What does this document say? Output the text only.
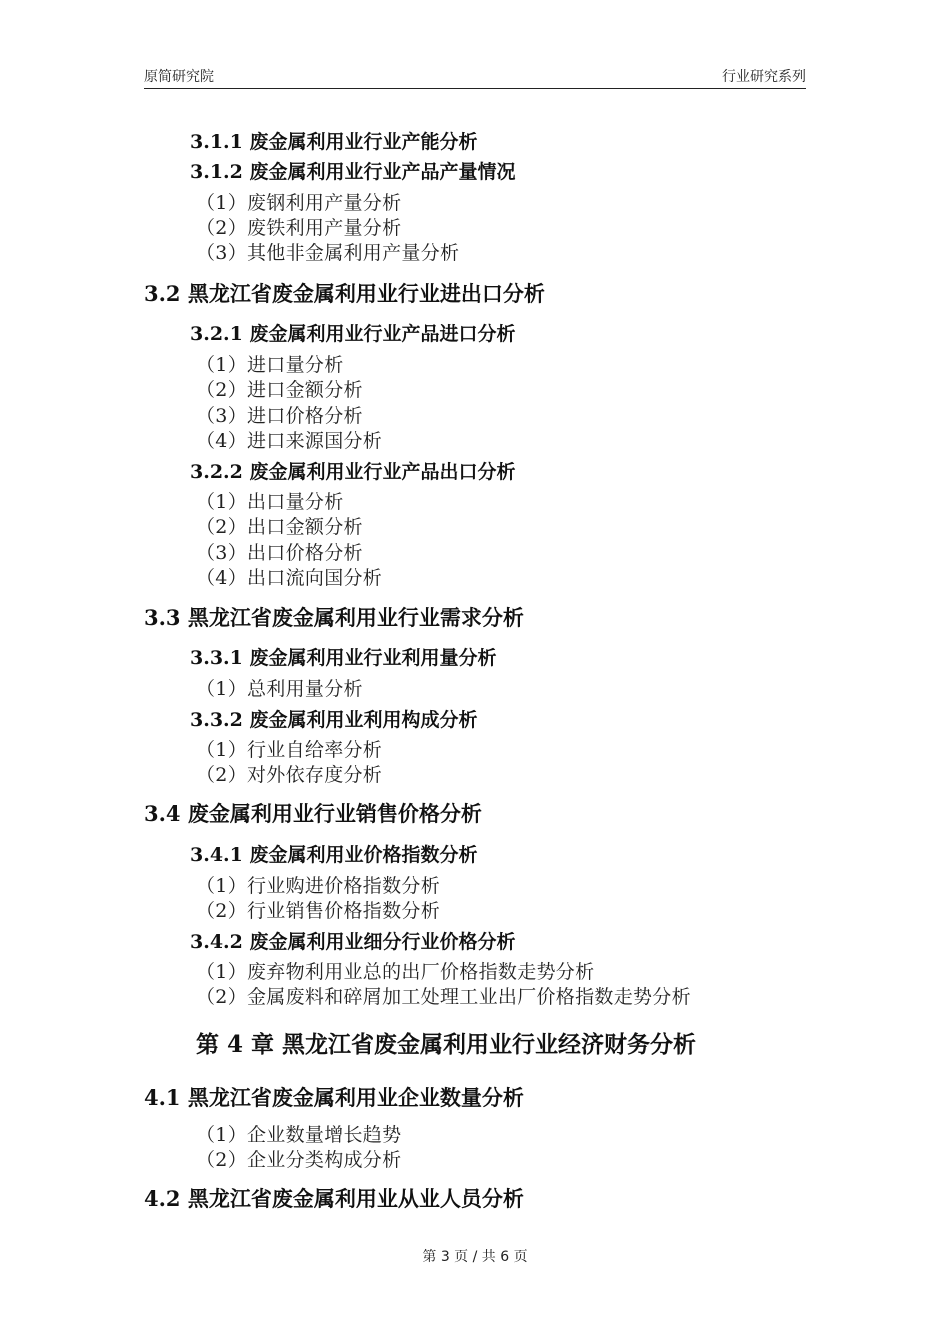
原简研究院	行业研究系列
3.1.1 废金属利用业行业产能分析
3.1.2 废金属利用业行业产品产量情况
（1）废钢利用产量分析
（2）废铁利用产量分析
（3）其他非金属利用产量分析
3.2 黑龙江省废金属利用业行业进出口分析
3.2.1 废金属利用业行业产品进口分析
（1）进口量分析
（2）进口金额分析
（3）进口价格分析
（4）进口来源国分析
3.2.2 废金属利用业行业产品出口分析
（1）出口量分析
（2）出口金额分析
（3）出口价格分析
（4）出口流向国分析
3.3 黑龙江省废金属利用业行业需求分析
3.3.1 废金属利用业行业利用量分析
（1）总利用量分析
3.3.2 废金属利用业利用构成分析
（1）行业自给率分析
（2）对外依存度分析
3.4 废金属利用业行业销售价格分析
3.4.1 废金属利用业价格指数分析
（1）行业购进价格指数分析
（2）行业销售价格指数分析
3.4.2 废金属利用业细分行业价格分析
（1）废弃物利用业总的出厂价格指数走势分析
（2）金属废料和碎屑加工处理工业出厂价格指数走势分析
第 4 章 黑龙江省废金属利用业行业经济财务分析
4.1 黑龙江省废金属利用业企业数量分析
（1）企业数量增长趋势
（2）企业分类构成分析
4.2 黑龙江省废金属利用业从业人员分析
第 3 页 / 共 6 页
